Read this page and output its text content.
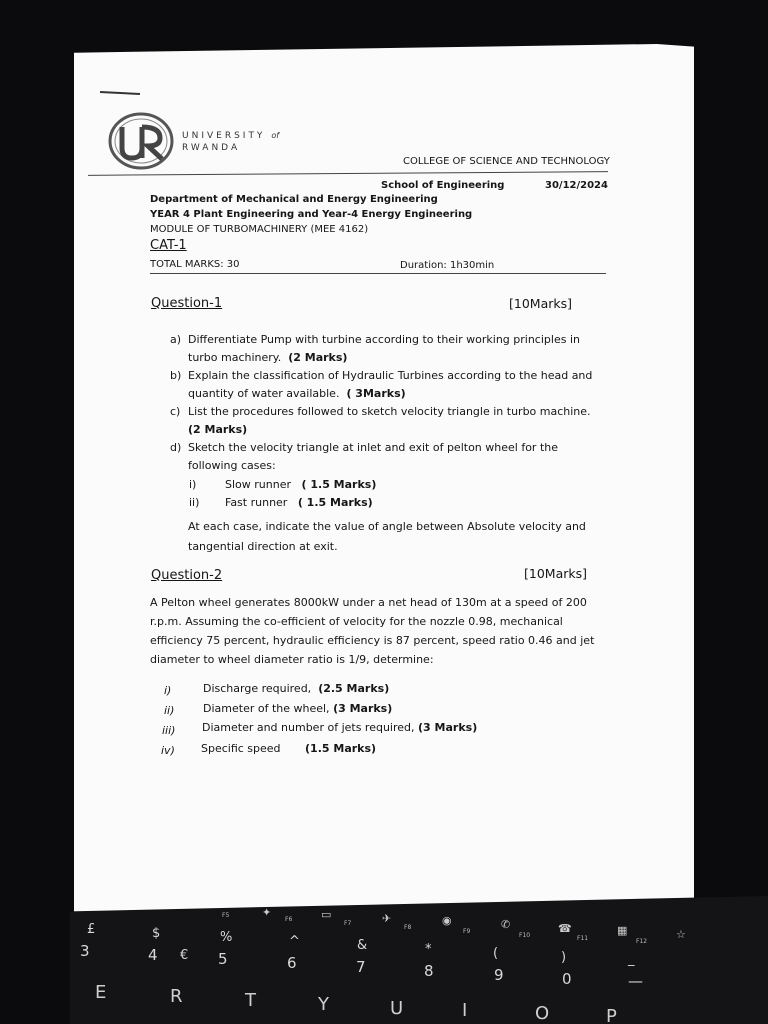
UNIVERSITY of
RWANDA
COLLEGE OF SCIENCE AND TECHNOLOGY
School of Engineering	30/12/2024
Department of Mechanical and Energy Engineering
YEAR 4 Plant Engineering and Year-4 Energy Engineering
MODULE OF TURBOMACHINERY (MEE 4162)
CAT-1
TOTAL MARKS: 30	Duration: 1h30min
Question-1	[10Marks]
a) Differentiate Pump with turbine according to their working principles in
turbo machinery. (2 Marks)
b) Explain the classification of Hydraulic Turbines according to the head and
quantity of water available. ( 3Marks)
c) List the procedures followed to sketch velocity triangle in turbo machine.
(2 Marks)
d) Sketch the velocity triangle at inlet and exit of pelton wheel for the
following cases:
i)	Slow runner ( 1.5 Marks)
ii) Fast runner ( 1.5 Marks)
At each case, indicate the value of angle between Absolute velocity and
tangential direction at exit.
Question-2	[10Marks]
A Pelton wheel generates 8000kW under a net head of 130m at a speed of 200
r.p.m. Assuming the co-efficient of velocity for the nozzle 0.98, mechanical
efficiency 75 percent, hydraulic efficiency is 87 percent, speed ratio 0.46 and jet
diameter to wheel diameter ratio is 1/9, determine:
i)	Discharge required, (2.5 Marks)
ii)	Diameter of the wheel, (3 Marks)
iii) Diameter and number of jets required, (3 Marks)
iv) Specific speed (1.5 Marks)
F5
F6
F7
F8
F9
F10	F11	F12
✦	▭	✈	◉	✆	☎	▦	☆
£	$	%	^	&	*	(	)	_
3	4 € 5	6	7	8	9	0	—
E	R	T	Y	U	I	O	P
